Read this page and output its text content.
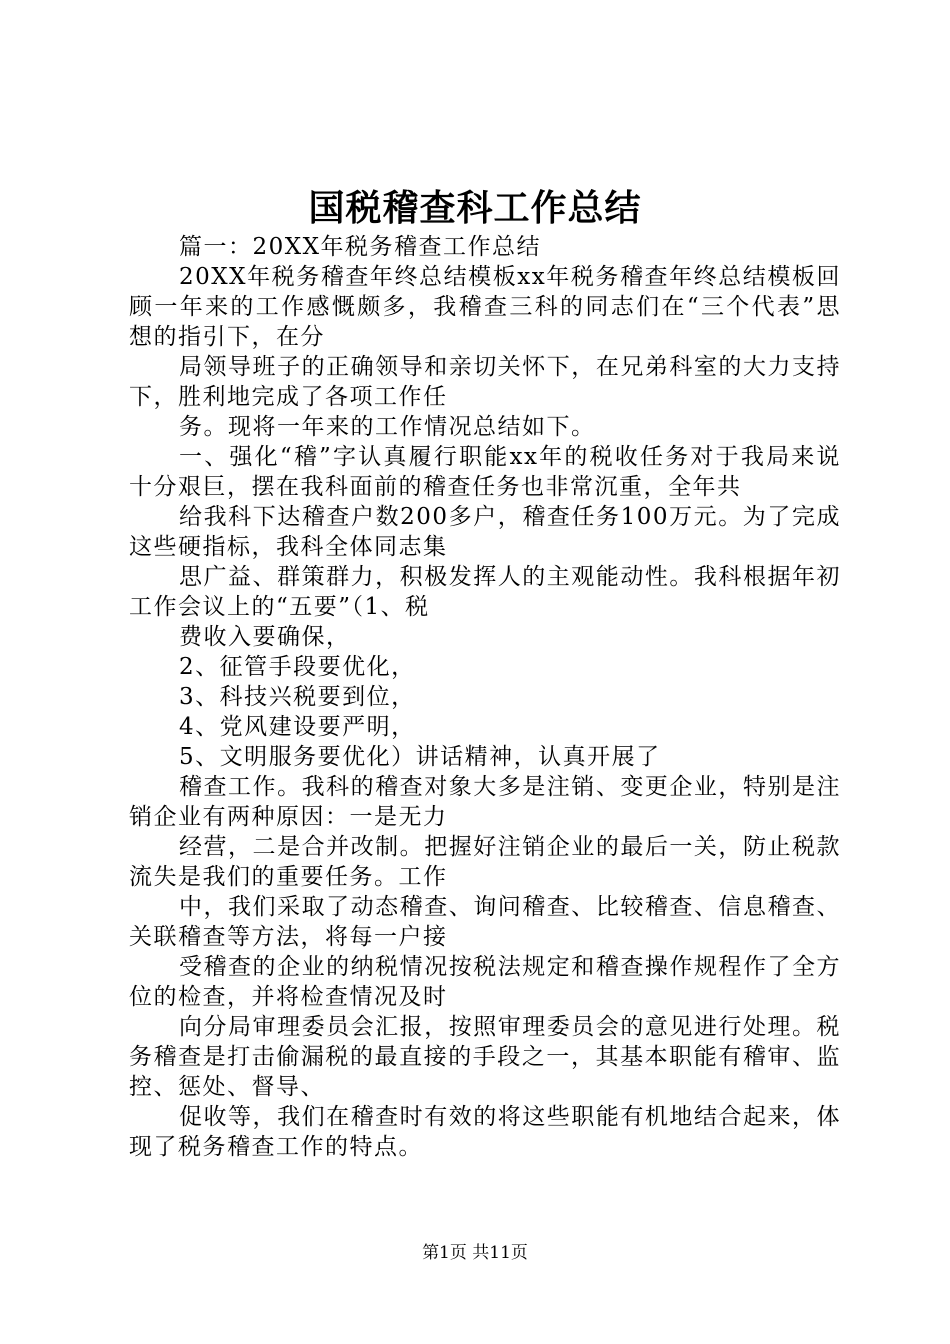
国税稽查科工作总结

篇一：20XX年税务稽查工作总结

20XX年税务稽查年终总结模板xx年税务稽查年终总结模板回顾一年来的工作感慨颇多，我稽查三科的同志们在“三个代表”思想的指引下，在分

局领导班子的正确领导和亲切关怀下，在兄弟科室的大力支持下，胜利地完成了各项工作任

务。现将一年来的工作情况总结如下。

一、强化“稽”字认真履行职能xx年的税收任务对于我局来说十分艰巨，摆在我科面前的稽查任务也非常沉重，全年共

给我科下达稽查户数200多户，稽查任务100万元。为了完成这些硬指标，我科全体同志集

思广益、群策群力，积极发挥人的主观能动性。我科根据年初工作会议上的“五要”（1、税

费收入要确保，

2、征管手段要优化，

3、科技兴税要到位，

4、党风建设要严明，

5、文明服务要优化）讲话精神，认真开展了

稽查工作。我科的稽查对象大多是注销、变更企业，特别是注销企业有两种原因：一是无力

经营，二是合并改制。把握好注销企业的最后一关，防止税款流失是我们的重要任务。工作

中，我们采取了动态稽查、询问稽查、比较稽查、信息稽查、关联稽查等方法，将每一户接

受稽查的企业的纳税情况按税法规定和稽查操作规程作了全方位的检查，并将检查情况及时

向分局审理委员会汇报，按照审理委员会的意见进行处理。税务稽查是打击偷漏税的最直接的手段之一，其基本职能有稽审、监控、惩处、督导、

促收等，我们在稽查时有效的将这些职能有机地结合起来，体现了税务稽查工作的特点。

第1页 共11页
